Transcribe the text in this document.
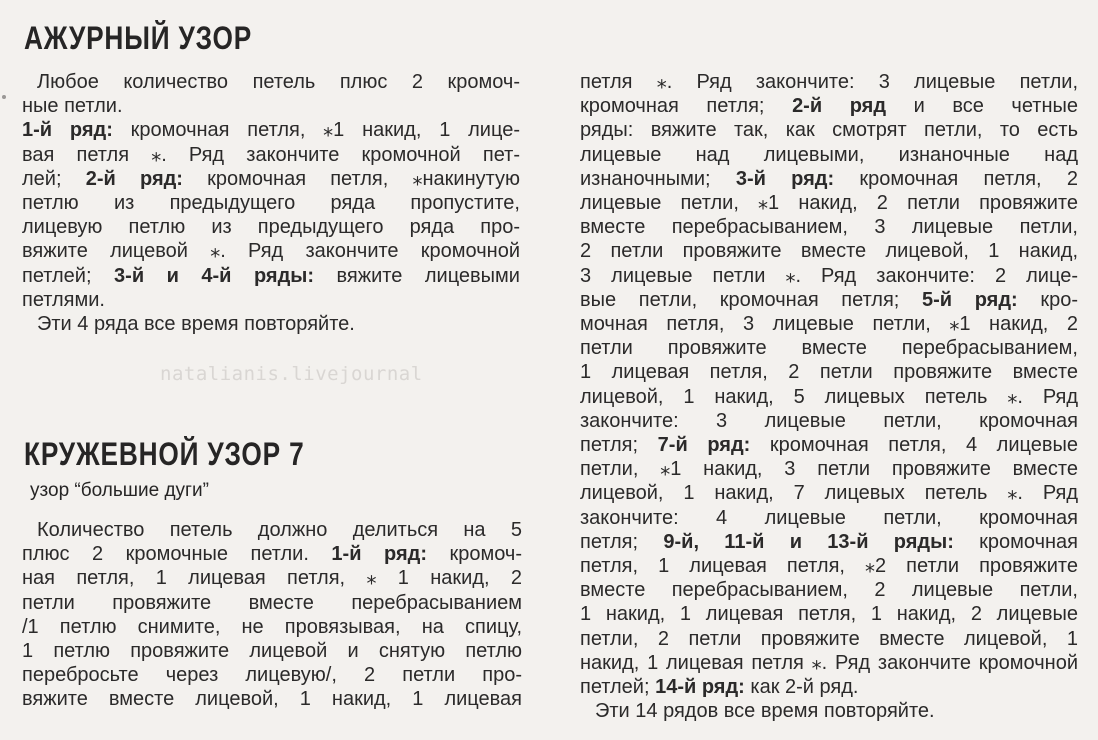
АЖУРНЫЙ УЗОР
Любое количество петель плюс 2 кромоч-
ные петли.
1-й ряд: кромочная петля, ⁎1 накид, 1 лице-
вая петля ⁎. Ряд закончите кромочной пет-
лей; 2-й ряд: кромочная петля, ⁎накинутую
петлю из предыдущего ряда пропустите,
лицевую петлю из предыдущего ряда про-
вяжите лицевой ⁎. Ряд закончите кромочной
петлей; 3-й и 4-й ряды: вяжите лицевыми
петлями.
Эти 4 ряда все время повторяйте.
natalianis.livejournal
КРУЖЕВНОЙ УЗОР 7
узор “большие дуги”
Количество петель должно делиться на 5
плюс 2 кромочные петли. 1-й ряд: кромоч-
ная петля, 1 лицевая петля, ⁎ 1 накид, 2
петли провяжите вместе перебрасыванием
/1 петлю снимите, не провязывая, на спицу,
1 петлю провяжите лицевой и снятую петлю
перебросьте через лицевую/, 2 петли про-
вяжите вместе лицевой, 1 накид, 1 лицевая
петля ⁎. Ряд закончите: 3 лицевые петли,
кромочная петля; 2-й ряд и все четные
ряды: вяжите так, как смотрят петли, то есть
лицевые над лицевыми, изнаночные над
изнаночными; 3-й ряд: кромочная петля, 2
лицевые петли, ⁎1 накид, 2 петли провяжите
вместе перебрасыванием, 3 лицевые петли,
2 петли провяжите вместе лицевой, 1 накид,
3 лицевые петли ⁎. Ряд закончите: 2 лице-
вые петли, кромочная петля; 5-й ряд: кро-
мочная петля, 3 лицевые петли, ⁎1 накид, 2
петли провяжите вместе перебрасыванием,
1 лицевая петля, 2 петли провяжите вместе
лицевой, 1 накид, 5 лицевых петель ⁎. Ряд
закончите: 3 лицевые петли, кромочная
петля; 7-й ряд: кромочная петля, 4 лицевые
петли, ⁎1 накид, 3 петли провяжите вместе
лицевой, 1 накид, 7 лицевых петель ⁎. Ряд
закончите: 4 лицевые петли, кромочная
петля; 9-й, 11-й и 13-й ряды: кромочная
петля, 1 лицевая петля, ⁎2 петли провяжите
вместе перебрасыванием, 2 лицевые петли,
1 накид, 1 лицевая петля, 1 накид, 2 лицевые
петли, 2 петли провяжите вместе лицевой, 1
накид, 1 лицевая петля ⁎. Ряд закончите кромочной
петлей; 14-й ряд: как 2-й ряд.
Эти 14 рядов все время повторяйте.
